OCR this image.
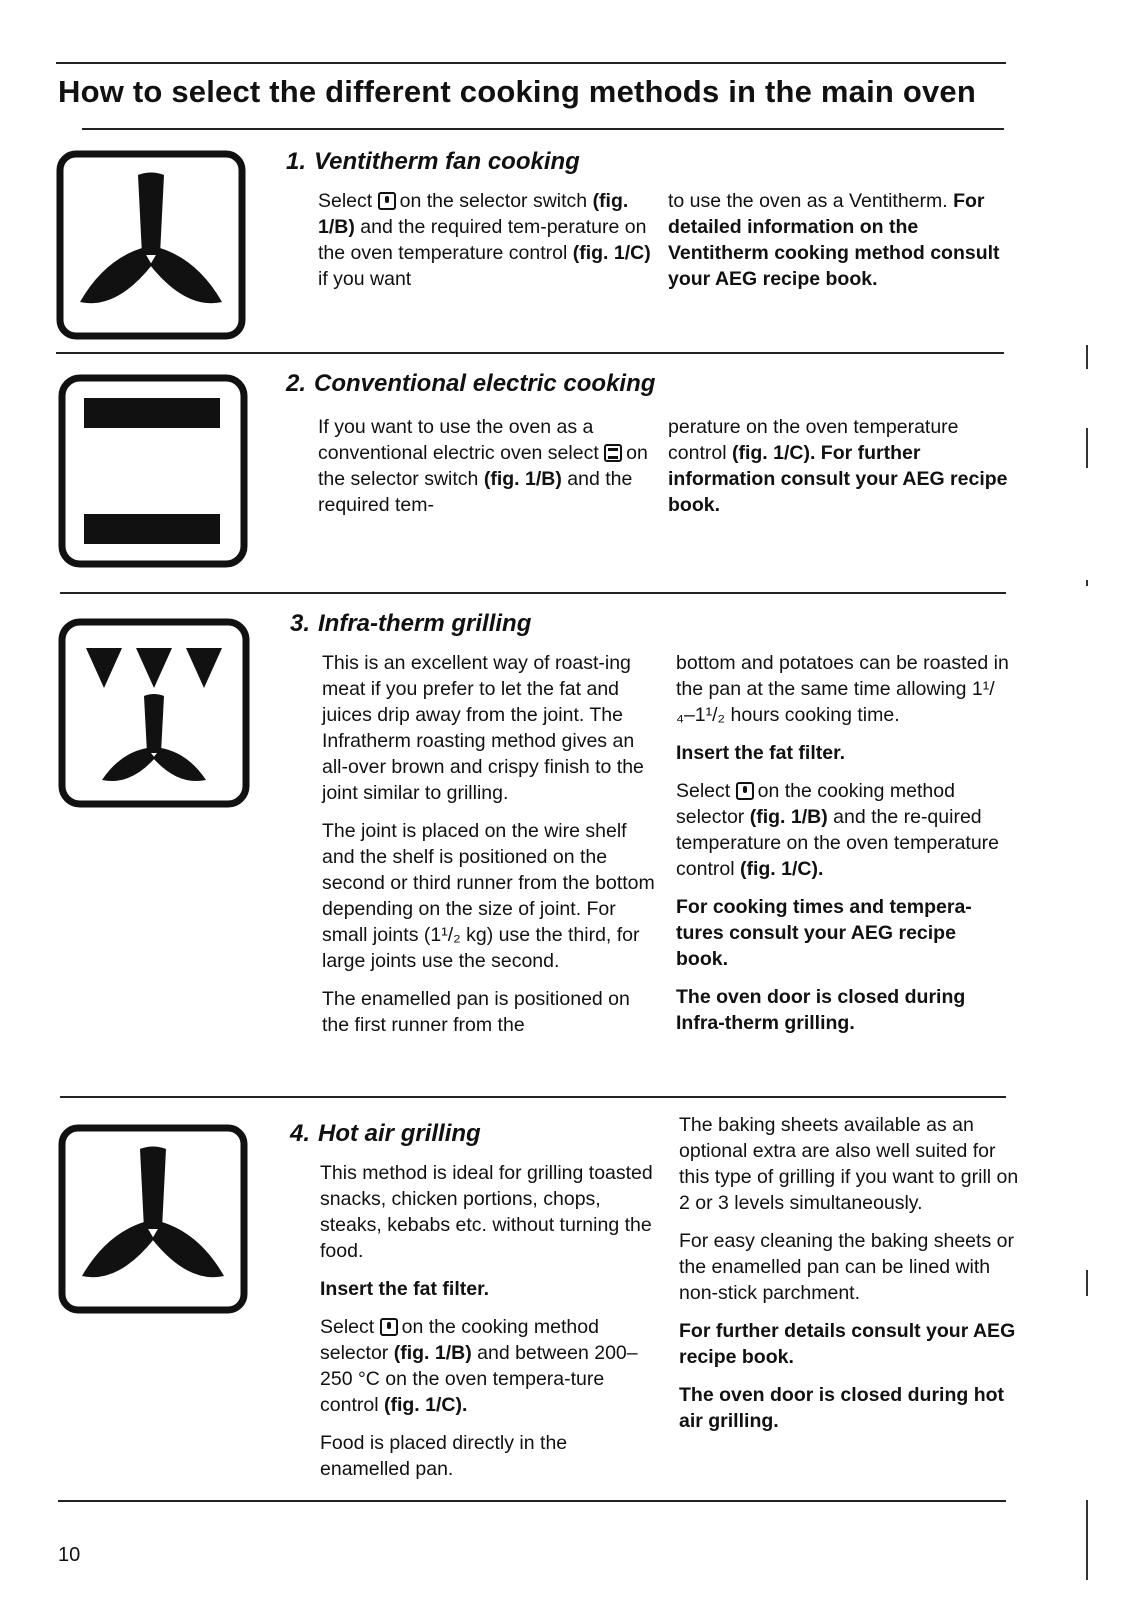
How to select the different cooking methods in the main oven
1. Ventitherm fan cooking

Select on the selector switch (fig. 1/B) and the required tem-perature on the oven temperature control (fig. 1/C) if you want

to use the oven as a Ventitherm. For detailed information on the Ventitherm cooking method consult your AEG recipe book.

2. Conventional electric cooking

If you want to use the oven as a conventional electric oven select on the selector switch (fig. 1/B) and the required tem-

perature on the oven temperature control (fig. 1/C). For further information consult your AEG recipe book.

3. Infra-therm grilling

This is an excellent way of roast-ing meat if you prefer to let the fat and juices drip away from the joint. The Infratherm roasting method gives an all-over brown and crispy finish to the joint similar to grilling.

The joint is placed on the wire shelf and the shelf is positioned on the second or third runner from the bottom depending on the size of joint. For small joints (1¹/₂ kg) use the third, for large joints use the second.

The enamelled pan is positioned on the first runner from the

bottom and potatoes can be roasted in the pan at the same time allowing 1¹/₄–1¹/₂ hours cooking time.

Insert the fat filter.

Select on the cooking method selector (fig. 1/B) and the re-quired temperature on the oven temperature control (fig. 1/C).

For cooking times and tempera-tures consult your AEG recipe book.

The oven door is closed during Infra-therm grilling.

4. Hot air grilling

This method is ideal for grilling toasted snacks, chicken portions, chops, steaks, kebabs etc. without turning the food.

Insert the fat filter.

Select on the cooking method selector (fig. 1/B) and between 200–250 °C on the oven tempera-ture control (fig. 1/C).

Food is placed directly in the enamelled pan.

The baking sheets available as an optional extra are also well suited for this type of grilling if you want to grill on 2 or 3 levels simultaneously.

For easy cleaning the baking sheets or the enamelled pan can be lined with non-stick parchment.

For further details consult your AEG recipe book.

The oven door is closed during hot air grilling.

10
